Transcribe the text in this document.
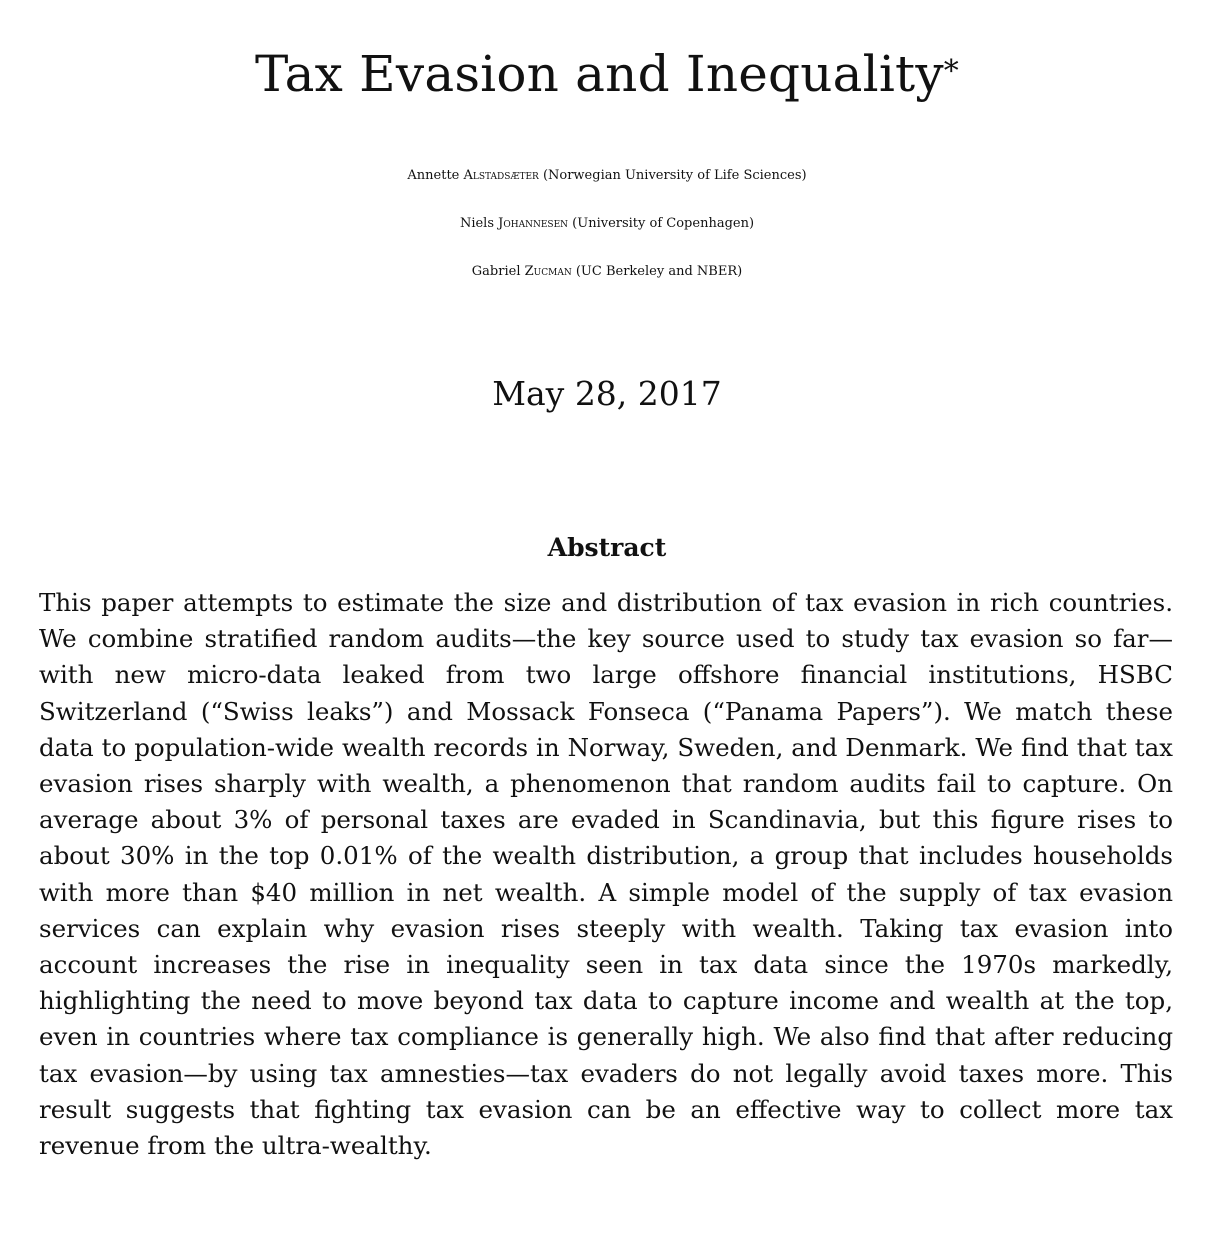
Tax Evasion and Inequality*
Annette Alstadsæter (Norwegian University of Life Sciences)
Niels Johannesen (University of Copenhagen)
Gabriel Zucman (UC Berkeley and NBER)
May 28, 2017
Abstract
This paper attempts to estimate the size and distribution of tax evasion in rich countries. We combine stratified random audits—the key source used to study tax evasion so far—with new micro-data leaked from two large offshore financial institutions, HSBC Switzerland (“Swiss leaks”) and Mossack Fonseca (“Panama Papers”). We match these data to population-wide wealth records in Norway, Sweden, and Denmark. We find that tax evasion rises sharply with wealth, a phenomenon that random audits fail to capture. On average about 3% of personal taxes are evaded in Scandinavia, but this figure rises to about 30% in the top 0.01% of the wealth distribution, a group that includes households with more than $40 million in net wealth. A simple model of the supply of tax evasion services can explain why evasion rises steeply with wealth. Taking tax evasion into account increases the rise in inequality seen in tax data since the 1970s markedly, highlighting the need to move beyond tax data to capture income and wealth at the top, even in countries where tax compliance is generally high. We also find that after reducing tax evasion—by using tax amnesties—tax evaders do not legally avoid taxes more. This result suggests that fighting tax evasion can be an effective way to collect more tax revenue from the ultra-wealthy.
